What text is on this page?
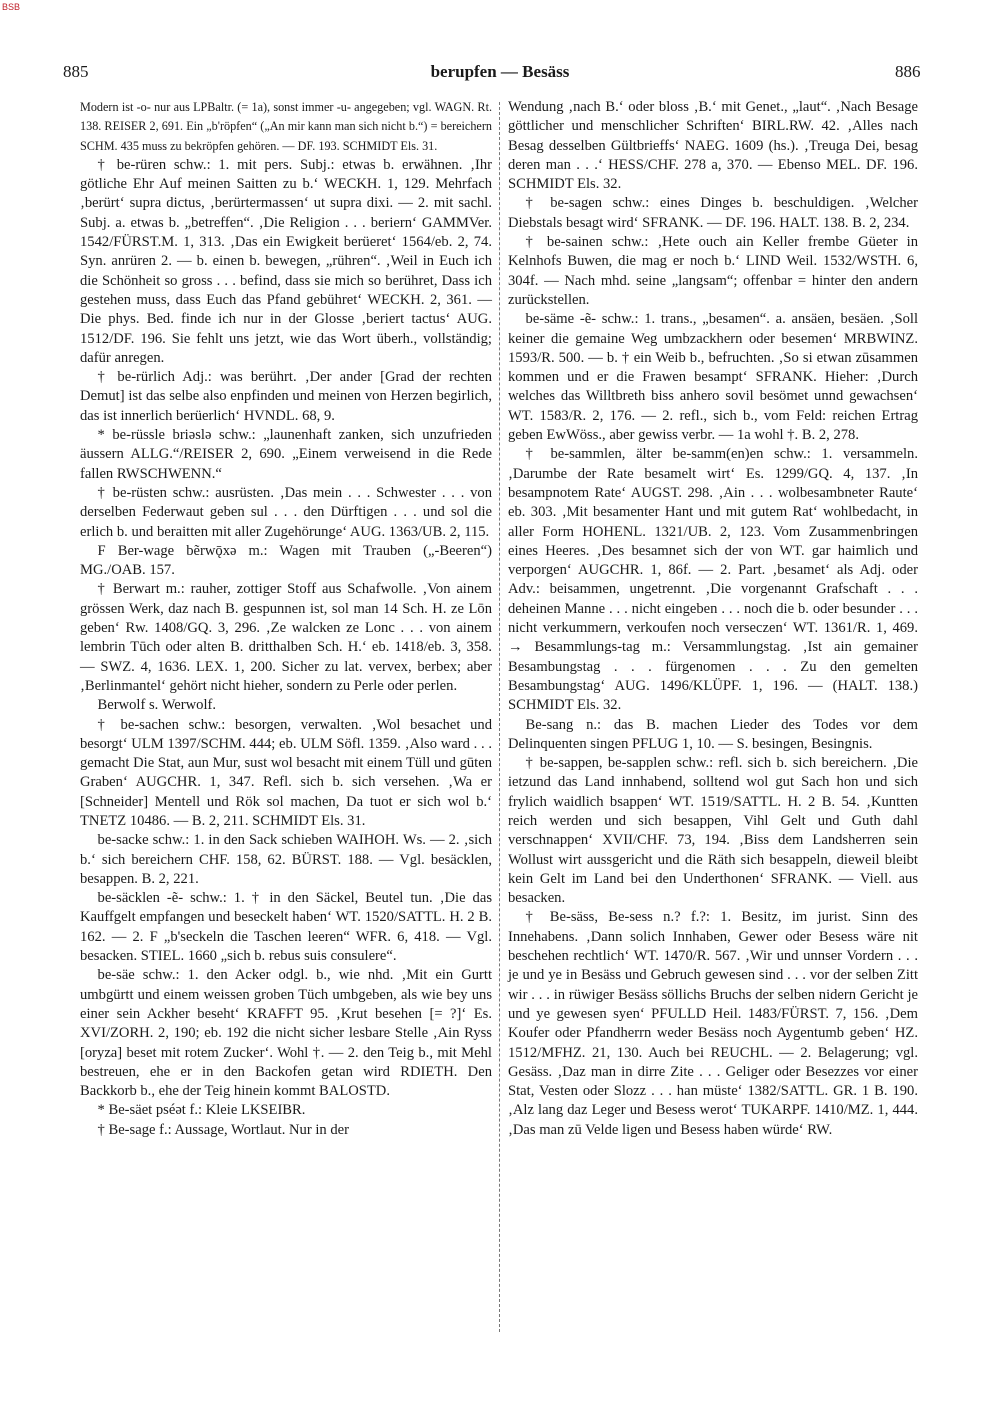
BSB
885	berupfen — Besäss	886

Modern ist -o- nur aus LPBaltr. (= 1a), sonst immer -u- angegeben; vgl. WAGN. Rt. 138. REISER 2, 691. Ein „b'röpfen“ („An mir kann man sich nicht b.“) = bereichern SCHM. 435 muss zu bekröpfen gehören. — DF. 193. SCHMIDT Els. 31.

† be-rüren schw.: 1. mit pers. Subj.: etwas b. erwähnen. ‚Ihr götliche Ehr Auf meinen Saitten zu b.‘ WECKH. 1, 129. Mehrfach ‚berürt‘ supra dictus, ‚berürtermassen‘ ut supra dixi. — 2. mit sachl. Subj. a. etwas b. „betreffen“. ‚Die Religion . . . beriern‘ GAMMVer. 1542/FÜRST.M. 1, 313. ‚Das ein Ewigkeit berüeret‘ 1564/eb. 2, 74. Syn. anrüren 2. — b. einen b. bewegen, „rühren“. ‚Weil in Euch ich die Schönheit so gross . . . befind, dass sie mich so berühret, Dass ich gestehen muss, dass Euch das Pfand gebühret‘ WECKH. 2, 361. — Die phys. Bed. finde ich nur in der Glosse ‚beriert tactus‘ AUG. 1512/DF. 196. Sie fehlt uns jetzt, wie das Wort überh., vollständig; dafür anregen.

† be-rürlich Adj.: was berührt. ‚Der ander [Grad der rechten Demut] ist das selbe also enpfinden und meinen von Herzen begirlich, das ist innerlich berüerlich‘ HVNDL. 68, 9.

* be-rüssle briəslə schw.: „launenhaft zanken, sich unzufrieden äussern ALLG.“/REISER 2, 690. „Einem verweisend in die Rede fallen RWSCHWENN.“

† be-rüsten schw.: ausrüsten. ‚Das mein . . . Schwester . . . von derselben Federwaut geben sul . . . den Dürftigen . . . und sol die erlich b. und beraitten mit aller Zugehörunge‘ AUG. 1363/UB. 2, 115.

F Ber-wage bẽrwǭxə m.: Wagen mit Trauben („-Beeren“) MG./OAB. 157.

† Berwart m.: rauher, zottiger Stoff aus Schafwolle. ‚Von ainem grössen Werk, daz nach B. gespunnen ist, sol man 14 Sch. H. ze Lōn geben‘ Rw. 1408/GQ. 3, 296. ‚Ze walcken ze Lonc . . . von ainem lembrin Tūch oder alten B. dritthalben Sch. H.‘ eb. 1418/eb. 3, 358. — SWZ. 4, 1636. LEX. 1, 200. Sicher zu lat. vervex, berbex; aber ‚Berlinmantel‘ gehört nicht hieher, sondern zu Perle oder perlen.

Berwolf s. Werwolf.

† be-sachen schw.: besorgen, verwalten. ‚Wol besachet und besorgt‘ ULM 1397/SCHM. 444; eb. ULM Söfl. 1359. ‚Also ward . . . gemacht Die Stat, aun Mur, sust wol besacht mit einem Tüll und gūten Graben‘ AUGCHR. 1, 347. Refl. sich b. sich versehen. ‚Wa er [Schneider] Mentell und Rök sol machen, Da tuot er sich wol b.‘ TNETZ 10486. — B. 2, 211. SCHMIDT Els. 31.

be-sacke schw.: 1. in den Sack schieben WAIHOH. Ws. — 2. ‚sich b.‘ sich bereichern CHF. 158, 62. BÜRST. 188. — Vgl. besäcklen, besappen. B. 2, 221.

be-säcklen -ẽ- schw.: 1. † in den Säckel, Beutel tun. ‚Die das Kauffgelt empfangen und beseckelt haben‘ WT. 1520/SATTL. H. 2 B. 162. — 2. F „b'seckeln die Taschen leeren“ WFR. 6, 418. — Vgl. besacken. STIEL. 1660 „sich b. rebus suis consulere“.

be-säe schw.: 1. den Acker odgl. b., wie nhd. ‚Mit ein Gurtt umbgürtt und einem weissen groben Tüch umbgeben, als wie bey uns einer sein Ackher beseht‘ KRAFFT 95. ‚Krut besehen [= ?]‘ Es. XVI/ZORH. 2, 190; eb. 192 die nicht sicher lesbare Stelle ‚Ain Ryss [oryza] beset mit rotem Zucker‘. Wohl †. — 2. den Teig b., mit Mehl bestreuen, ehe er in den Backofen getan wird RDIETH. Den Backkorb b., ehe der Teig hinein kommt BALOSTD.

* Be-säet pséət f.: Kleie LKSEIBR.

† Be-sage f.: Aussage, Wortlaut. Nur in der

Wendung ‚nach B.‘ oder bloss ‚B.‘ mit Genet., „laut“. ‚Nach Besage göttlicher und menschlicher Schriften‘ BIRL.RW. 42. ‚Alles nach Besag desselben Gültbrieffs‘ NAEG. 1609 (hs.). ‚Treuga Dei, besag deren man . . .‘ HESS/CHF. 278 a, 370. — Ebenso MEL. DF. 196. SCHMIDT Els. 32.

† be-sagen schw.: eines Dinges b. beschuldigen. ‚Welcher Diebstals besagt wird‘ SFRANK. — DF. 196. HALT. 138. B. 2, 234.

† be-sainen schw.: ‚Hete ouch ain Keller frembe Güeter in Kelnhofs Buwen, die mag er noch b.‘ LIND Weil. 1532/WSTH. 6, 304f. — Nach mhd. seine „langsam“; offenbar = hinter den andern zurückstellen.

be-säme -ẽ- schw.: 1. trans., „besamen“. a. ansäen, besäen. ‚Soll keiner die gemaine Weg umbzackhern oder besemen‘ MRBWINZ. 1593/R. 500. — b. † ein Weib b., befruchten. ‚So si etwan zūsammen kommen und er die Frawen besampt‘ SFRANK. Hieher: ‚Durch welches das Willtbreth biss anhero sovil besömet unnd gewachsen‘ WT. 1583/R. 2, 176. — 2. refl., sich b., vom Feld: reichen Ertrag geben EwWöss., aber gewiss verbr. — 1a wohl †. B. 2, 278.

† be-sammlen, älter be-samm(en)en schw.: 1. versammeln. ‚Darumbe der Rate besamelt wirt‘ Es. 1299/GQ. 4, 137. ‚In besampnotem Rate‘ AUGST. 298. ‚Ain . . . wolbesambneter Raute‘ eb. 303. ‚Mit besamenter Hant und mit gutem Rat‘ wohlbedacht, in aller Form HOHENL. 1321/UB. 2, 123. Vom Zusammenbringen eines Heeres. ‚Des besamnet sich der von WT. gar haimlich und verporgen‘ AUGCHR. 1, 86f. — 2. Part. ‚besamet‘ als Adj. oder Adv.: beisammen, ungetrennt. ‚Die vorgenannt Grafschaft . . . deheinen Manne . . . nicht eingeben . . . noch die b. oder besunder . . . nicht verkummern, verkoufen noch verseczen‘ WT. 1361/R. 1, 469. → Besammlungs-tag m.: Versammlungstag. ‚Ist ain gemainer Besambungstag . . . fürgenomen . . . Zu den gemelten Besambungstag‘ AUG. 1496/KLÜPF. 1, 196. — (HALT. 138.) SCHMIDT Els. 32.

Be-sang n.: das B. machen Lieder des Todes vor dem Delinquenten singen PFLUG 1, 10. — S. besingen, Besingnis.

† be-sappen, be-sapplen schw.: refl. sich b. sich bereichern. ‚Die ietzund das Land innhabend, solltend wol gut Sach hon und sich frylich waidlich bsappen‘ WT. 1519/SATTL. H. 2 B. 54. ‚Kuntten reich werden und sich besappen, Vihl Gelt und Guth dahl verschnappen‘ XVII/CHF. 73, 194. ‚Biss dem Landsherren sein Wollust wirt aussgericht und die Räth sich besappeln, dieweil bleibt kein Gelt im Land bei den Underthonen‘ SFRANK. — Viell. aus besacken.

† Be-säss, Be-sess n.? f.?: 1. Besitz, im jurist. Sinn des Innehabens. ‚Dann solich Innhaben, Gewer oder Besess wäre nit beschehen rechtlich‘ WT. 1470/R. 567. ‚Wir und unnser Vordern . . . je und ye in Besäss und Gebruch gewesen sind . . . vor der selben Zitt wir . . . in rüwiger Besäss söllichs Bruchs der selben nidern Gericht je und ye gewesen syen‘ PFULLD Heil. 1483/FÜRST. 7, 156. ‚Dem Koufer oder Pfandherrn weder Besäss noch Aygentumb geben‘ HZ. 1512/MFHZ. 21, 130. Auch bei REUCHL. — 2. Belagerung; vgl. Gesäss. ‚Daz man in dirre Zite . . . Geliger oder Besezzes vor einer Stat, Vesten oder Slozz . . . han müste‘ 1382/SATTL. GR. 1 B. 190. ‚Alz lang daz Leger und Besess werot‘ TUKARPF. 1410/MZ. 1, 444. ‚Das man zū Velde ligen und Besess haben würde‘ RW.
